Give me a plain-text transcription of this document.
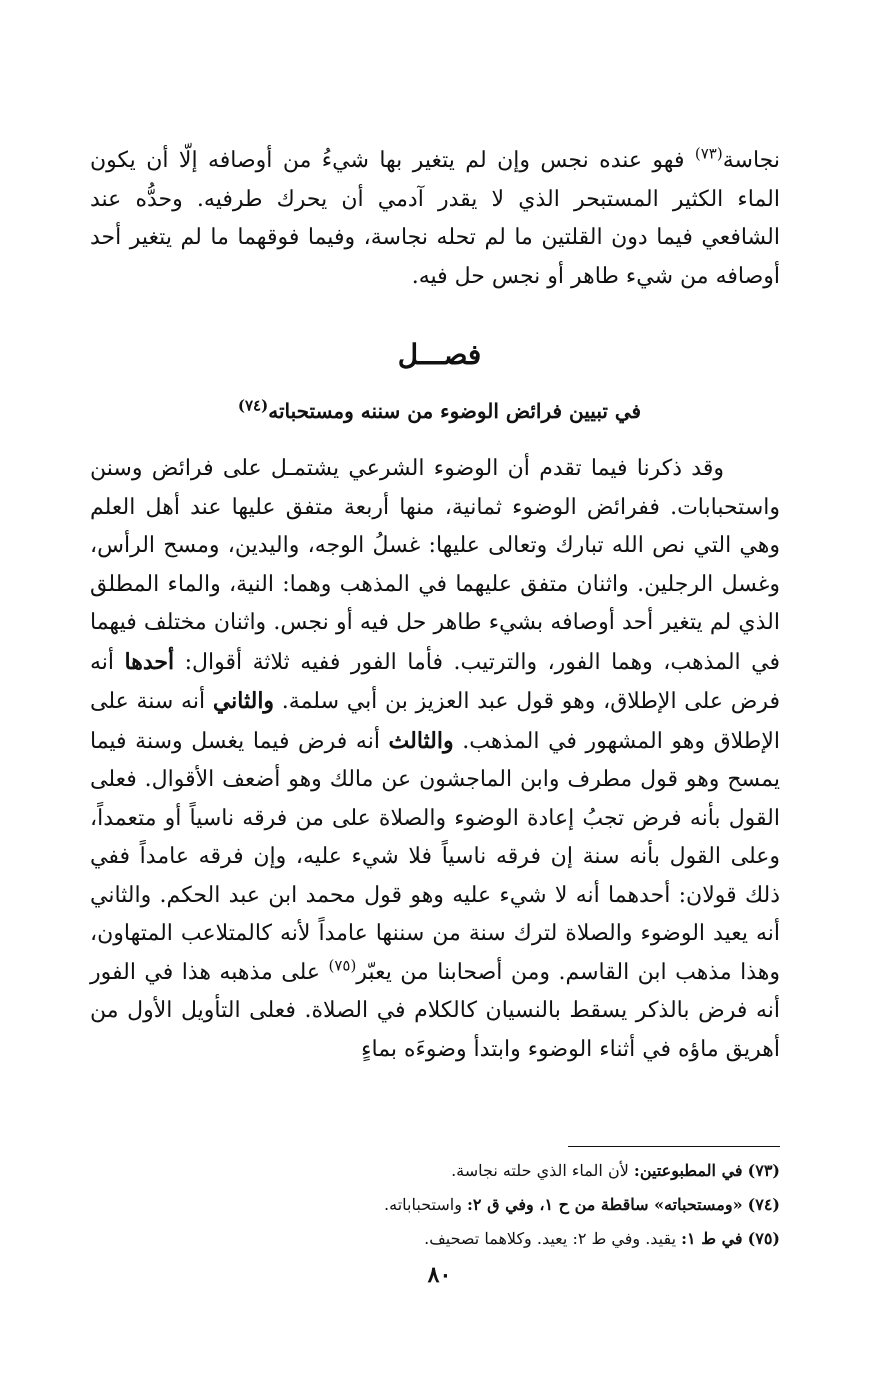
نجاسة$^{(٧٣)}$ فهو عنده نجس وإن لم يتغير بها شيءُ من أوصافه إلّا أن يكون الماء الكثير المستبحر الذي لا يقدر آدمي أن يحرك طرفيه. وحدُّه عند الشافعي فيما دون القلتين ما لم تحله نجاسة، وفيما فوقهما ما لم يتغير أحد أوصافه من شيء طاهر أو نجس حل فيه.

فصـــل
في تبيين فرائض الوضوء من سننه ومستحباته$^{(٧٤)}$

وقد ذكرنا فيما تقدم أن الوضوء الشرعي يشتمـل على فرائض وسنن واستحبابات. ففرائض الوضوء ثمانية، منها أربعة متفق عليها عند أهل العلم وهي التي نص الله تبارك وتعالى عليها: غسلُ الوجه، واليدين، ومسح الرأس، وغسل الرجلين. واثنان متفق عليهما في المذهب وهما: النية، والماء المطلق الذي لم يتغير أحد أوصافه بشيء طاهر حل فيه أو نجس. واثنان مختلف فيهما في المذهب، وهما الفور، والترتيب. فأما الفور ففيه ثلاثة أقوال: أحدها أنه فرض على الإطلاق، وهو قول عبد العزيز بن أبي سلمة. والثاني أنه سنة على الإطلاق وهو المشهور في المذهب. والثالث أنه فرض فيما يغسل وسنة فيما يمسح وهو قول مطرف وابن الماجشون عن مالك وهو أضعف الأقوال. فعلى القول بأنه فرض تجبُ إعادة الوضوء والصلاة على من فرقه ناسياً أو متعمداً، وعلى القول بأنه سنة إن فرقه ناسياً فلا شيء عليه، وإن فرقه عامداً ففي ذلك قولان: أحدهما أنه لا شيء عليه وهو قول محمد ابن عبد الحكم. والثاني أنه يعيد الوضوء والصلاة لترك سنة من سننها عامداً لأنه كالمتلاعب المتهاون، وهذا مذهب ابن القاسم. ومن أصحابنا من يعبّر$^{(٧٥)}$ على مذهبه هذا في الفور أنه فرض بالذكر يسقط بالنسيان كالكلام في الصلاة. فعلى التأويل الأول من أهريق ماؤه في أثناء الوضوء وابتدأ وضوءَه بماءٍ

(٧٣) في المطبوعتين: لأن الماء الذي حلته نجاسة.
(٧٤) «ومستحباته» ساقطة من ح ١، وفي ق ٢: واستحباباته.
(٧٥) في ط ١: يقيد. وفي ط ٢: يعيد. وكلاهما تصحيف.
٨٠
